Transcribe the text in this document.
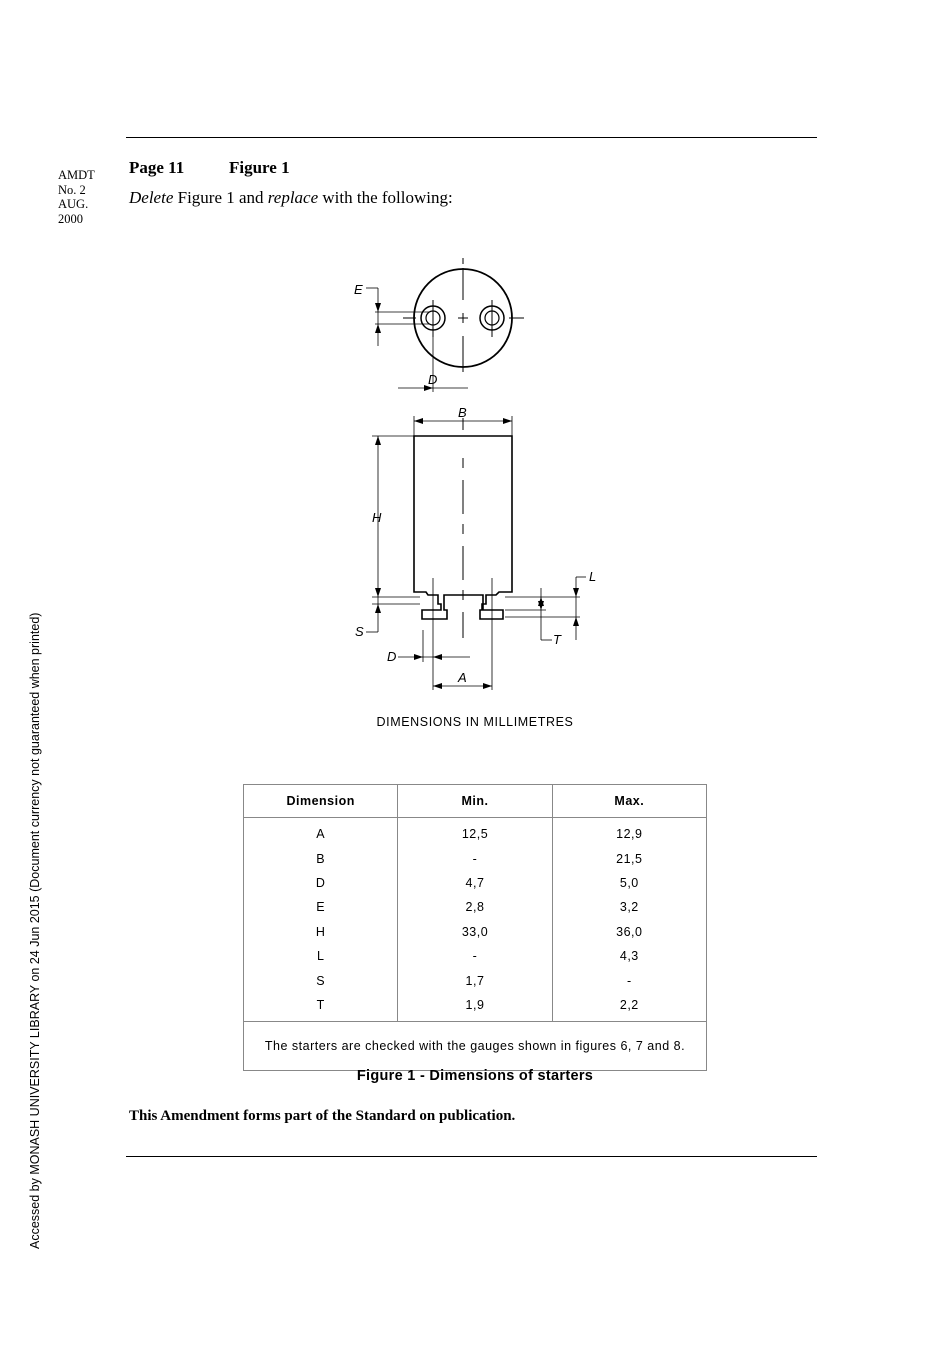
AMDT
No. 2
AUG.
2000
Page 11	Figure 1
Delete Figure 1 and replace with the following:
E
D
B
H
L
S
T
D
A
DIMENSIONS IN MILLIMETRES
Dimension	Min.	Max.
A	12,5	12,9
B	-	21,5
D	4,7	5,0
E	2,8	3,2
H	33,0	36,0
L	-	4,3
S	1,7	-
T	1,9	2,2
The starters are checked with the gauges shown in figures 6, 7 and 8.		
Figure 1 - Dimensions of starters
This Amendment forms part of the Standard on publication.
Accessed by MONASH UNIVERSITY LIBRARY on 24 Jun 2015 (Document currency not guaranteed when printed)
